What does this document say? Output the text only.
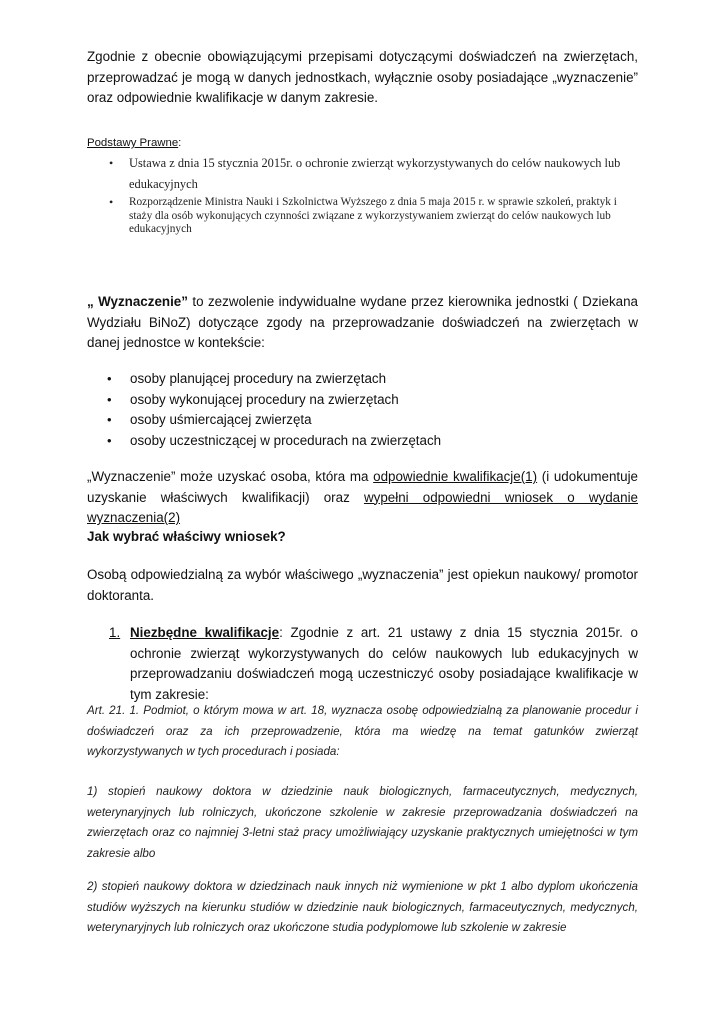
Zgodnie z obecnie obowiązującymi przepisami dotyczącymi doświadczeń na zwierzętach, przeprowadzać je mogą w danych jednostkach, wyłącznie osoby posiadające „wyznaczenie” oraz odpowiednie kwalifikacje w danym zakresie.

Podstawy Prawne:
• Ustawa z dnia 15 stycznia 2015r. o ochronie zwierząt wykorzystywanych do celów naukowych lub edukacyjnych
• Rozporządzenie Ministra Nauki i Szkolnictwa Wyższego z dnia 5 maja 2015 r. w sprawie szkoleń, praktyk i staży dla osób wykonujących czynności związane z wykorzystywaniem zwierząt do celów naukowych lub edukacyjnych

„ Wyznaczenie” to zezwolenie indywidualne wydane przez kierownika jednostki ( Dziekana Wydziału BiNoZ) dotyczące zgody na przeprowadzanie doświadczeń na zwierzętach w danej jednostce w kontekście:

• osoby planującej procedury na zwierzętach
• osoby wykonującej procedury na zwierzętach
• osoby uśmiercającej zwierzęta
• osoby uczestniczącej w procedurach na zwierzętach

„Wyznaczenie” może uzyskać osoba, która ma odpowiednie kwalifikacje(1) (i udokumentuje uzyskanie właściwych kwalifikacji) oraz wypełni odpowiedni wniosek o wydanie wyznaczenia(2)

Jak wybrać właściwy wniosek?

Osobą odpowiedzialną za wybór właściwego „wyznaczenia” jest opiekun naukowy/ promotor doktoranta.

1. Niezbędne kwalifikacje: Zgodnie z art. 21 ustawy z dnia 15 stycznia 2015r. o ochronie zwierząt wykorzystywanych do celów naukowych lub edukacyjnych w przeprowadzaniu doświadczeń mogą uczestniczyć osoby posiadające kwalifikacje w tym zakresie:

Art. 21. 1. Podmiot, o którym mowa w art. 18, wyznacza osobę odpowiedzialną za planowanie procedur i doświadczeń oraz za ich przeprowadzenie, która ma wiedzę na temat gatunków zwierząt wykorzystywanych w tych procedurach i posiada:

1) stopień naukowy doktora w dziedzinie nauk biologicznych, farmaceutycznych, medycznych, weterynaryjnych lub rolniczych, ukończone szkolenie w zakresie przeprowadzania doświadczeń na zwierzętach oraz co najmniej 3-letni staż pracy umożliwiający uzyskanie praktycznych umiejętności w tym zakresie albo

2) stopień naukowy doktora w dziedzinach nauk innych niż wymienione w pkt 1 albo dyplom ukończenia studiów wyższych na kierunku studiów w dziedzinie nauk biologicznych, farmaceutycznych, medycznych, weterynaryjnych lub rolniczych oraz ukończone studia podyplomowe lub szkolenie w zakresie
